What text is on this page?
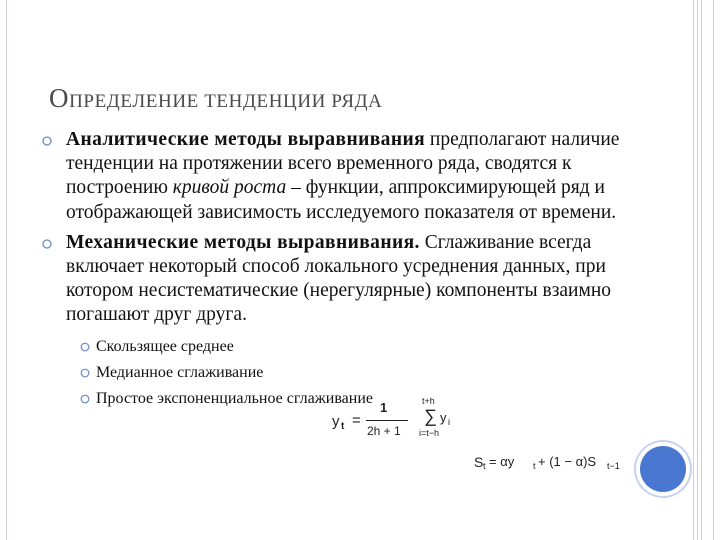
ОПРЕДЕЛЕНИЕ ТЕНДЕНЦИИ РЯДА
Аналитические методы выравнивания предполагают наличие тенденции на протяжении всего временного ряда, сводятся к построению кривой роста – функции, аппроксимирующей ряд и отображающей зависимость исследуемого показателя от времени.
Механические методы выравнивания. Сглаживание всегда включает некоторый способ локального усреднения данных, при котором несистематические (нерегулярные) компоненты взаимно погашают друг друга.
Скользящее среднее
Медианное сглаживание
Простое экспоненциальное сглаживание
y t =
1
2h + 1
t+h
∑ y i
i=t−h
S t = αy t + (1 − α)S t−1
